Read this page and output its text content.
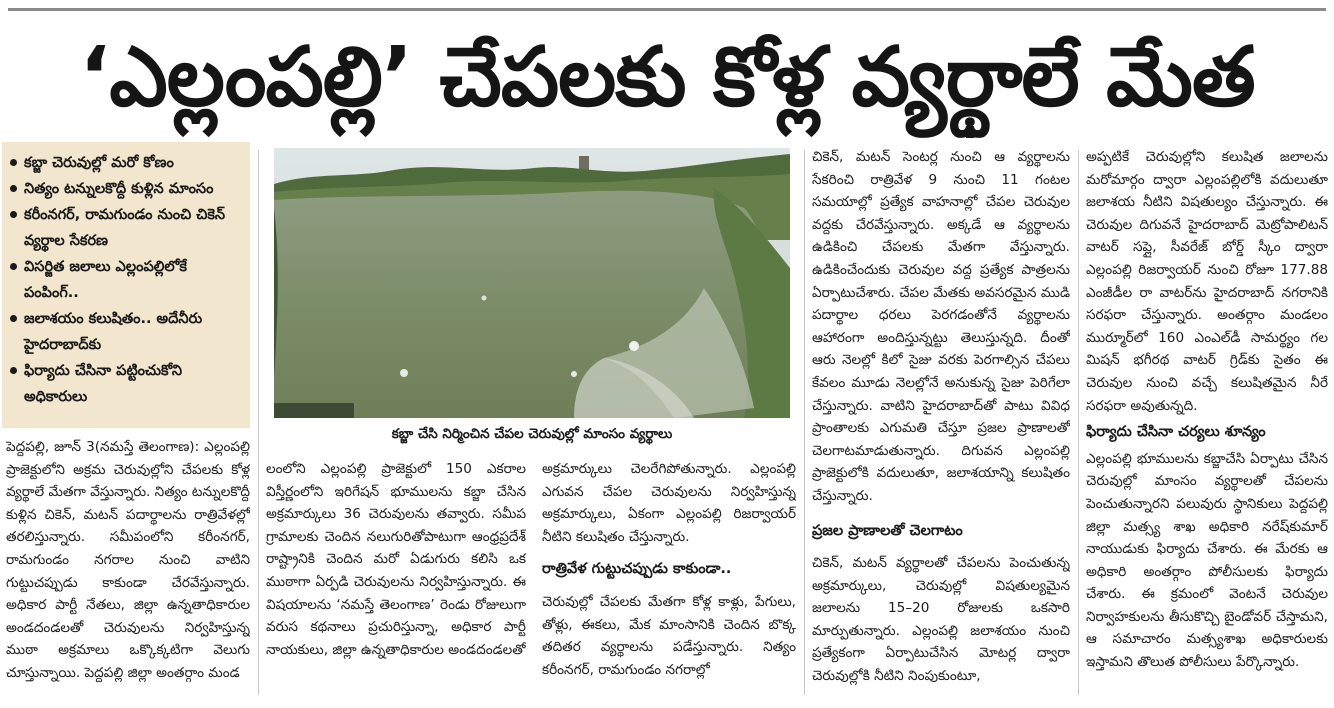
‘ఎల్లంపల్లి’ చేపలకు కోళ్ల వ్యర్థాలే మేత
కబ్జా చెరువుల్లో మరో కోణం
నిత్యం టన్నులకొద్దీ కుళ్లిన మాంసం
కరీంనగర్, రామగుండం నుంచి చికెన్ వ్యర్థాల సేకరణ
విసర్జిత జలాలు ఎల్లంపల్లిలోకే పంపింగ్..
జలాశయం కలుషితం.. అదేనీరు హైదరాబాద్‌కు
ఫిర్యాదు చేసినా పట్టించుకోని అధికారులు
కబ్జా చేసి నిర్మించిన చేపల చెరువుల్లో మాంసం వ్యర్థాలు

పెద్దపల్లి, జూన్ 3(నమస్తే తెలంగాణ): ఎల్లంపల్లి ప్రాజెక్టులోని అక్రమ చెరువుల్లోని చేపలకు కోళ్ల వ్యర్థాలే మేతగా వేస్తున్నారు. నిత్యం టన్నులకొద్దీ కుళ్లిన చికెన్, మటన్ పదార్థాలను రాత్రివేళల్లో తరలిస్తున్నారు. సమీపంలోని కరీంనగర్, రామగుండం నగరాల నుంచి వాటిని గుట్టుచప్పుడు కాకుండా చేరవేస్తున్నారు. అధికార పార్టీ నేతలు, జిల్లా ఉన్నతాధికారుల అండదండలతో చెరువులను నిర్వహిస్తున్న ముఠా అక్రమాలు ఒక్కొక్కటిగా వెలుగు చూస్తున్నాయి. పెద్దపల్లి జిల్లా అంతర్గాం మండ

లంలోని ఎల్లంపల్లి ప్రాజెక్టులో 150 ఎకరాల విస్తీర్ణంలోని ఇరిగేషన్ భూములను కబ్జా చేసిన అక్రమార్కులు 36 చెరువులను తవ్వారు. సమీప గ్రామాలకు చెందిన నలుగురితోపాటుగా ఆంధ్రప్రదేశ్ రాష్ట్రానికి చెందిన మరో ఏడుగురు కలిసి ఒక ముఠాగా ఏర్పడి చెరువులను నిర్వహిస్తున్నారు. ఈ విషయాలను ‘నమస్తే తెలంగాణ’ రెండు రోజులుగా వరుస కథనాలు ప్రచురిస్తున్నా, అధికార పార్టీ నాయకులు, జిల్లా ఉన్నతాధికారుల అండదండలతో

అక్రమార్కులు చెలరేగిపోతున్నారు. ఎల్లంపల్లి ఎగువన చేపల చెరువులను నిర్వహిస్తున్న అక్రమార్కులు, ఏకంగా ఎల్లంపల్లి రిజర్వాయర్ నీటిని కలుషితం చేస్తున్నారు.

రాత్రివేళ గుట్టుచప్పుడు కాకుండా..

చెరువుల్లో చేపలకు మేతగా కోళ్ల కాళ్లు, పేగులు, తోళ్లు, ఈకలు, మేక మాంసానికి చెందిన బొక్క తదితర వ్యర్థాలను పడేస్తున్నారు. నిత్యం కరీంనగర్, రామగుండం నగరాల్లో

చికెన్, మటన్ సెంటర్ల నుంచి ఆ వ్యర్థాలను సేకరించి రాత్రివేళ 9 నుంచి 11 గంటల సమయాల్లో ప్రత్యేక వాహనాల్లో చేపల చెరువుల వద్దకు చేరవేస్తున్నారు. అక్కడే ఆ వ్యర్థాలను ఉడికించి చేపలకు మేతగా వేస్తున్నారు. ఉడికించేందుకు చెరువుల వద్ద ప్రత్యేక పాత్రలను ఏర్పాటుచేశారు. చేపల మేతకు అవసరమైన ముడి పదార్థాల ధరలు పెరగడంతోనే వ్యర్థాలను ఆహారంగా అందిస్తున్నట్టు తెలుస్తున్నది. దీంతో ఆరు నెలల్లో కిలో సైజు వరకు పెరగాల్సిన చేపలు కేవలం మూడు నెలల్లోనే అనుకున్న సైజు పెరిగేలా చేస్తున్నారు. వాటిని హైదరాబాద్‌తో పాటు వివిధ ప్రాంతాలకు ఎగుమతి చేస్తూ ప్రజల ప్రాణాలతో చెలగాటమాడుతున్నారు. దిగువన ఎల్లంపల్లి ప్రాజెక్టులోకి వదులుతూ, జలాశయాన్ని కలుషితం చేస్తున్నారు.

ప్రజల ప్రాణాలతో చెలగాటం

చికెన్, మటన్ వ్యర్థాలతో చేపలను పెంచుతున్న అక్రమార్కులు, చెరువుల్లో విషతుల్యమైన జలాలను 15–20 రోజులకు ఒకసారి మార్పుతున్నారు. ఎల్లంపల్లి జలాశయం నుంచి ప్రత్యేకంగా ఏర్పాటుచేసిన మోటర్ల ద్వారా చెరువుల్లోకి నీటిని నింపుకుంటూ,

అప్పటికే చెరువుల్లోని కలుషిత జలాలను మరోమార్గం ద్వారా ఎల్లంపల్లిలోకి వదులుతూ జలాశయ నీటిని విషతుల్యం చేస్తున్నారు. ఈ చెరువుల దిగువనే హైదరాబాద్ మెట్రోపాలిటన్ వాటర్ సప్లై, సీవరేజ్ బోర్డ్ స్కీం ద్వారా ఎల్లంపల్లి రిజర్వాయర్ నుంచి రోజూ 177.88 ఎంజీడీల రా వాటర్‌ను హైదరాబాద్ నగరానికి సరఫరా చేస్తున్నారు. అంతర్గాం మండలం ముర్మూర్‌లో 160 ఎంఎల్‌డీ సామర్థ్యం గల మిషన్ భగీరథ వాటర్ గ్రిడ్‌కు సైతం ఈ చెరువుల నుంచి వచ్చే కలుషితమైన నీరే సరఫరా అవుతున్నది.

ఫిర్యాదు చేసినా చర్యలు శూన్యం

ఎల్లంపల్లి భూములను కబ్జాచేసి ఏర్పాటు చేసిన చెరువుల్లో మాంసం వ్యర్థాలతో చేపలను పెంచుతున్నారని పలువురు స్థానికులు పెద్దపల్లి జిల్లా మత్స్య శాఖ అధికారి నరేష్‌కుమార్ నాయుడుకు ఫిర్యాదు చేశారు. ఈ మేరకు ఆ అధికారి అంతర్గాం పోలీసులకు ఫిర్యాదు చేశారు. ఈ క్రమంలో వెంటనే చెరువుల నిర్వాహకులను తీసుకొచ్చి బైండోవర్ చేస్తామని, ఆ సమాచారం మత్స్యశాఖ అధికారులకు ఇస్తామని తొలుత పోలీసులు పేర్కొన్నారు.
